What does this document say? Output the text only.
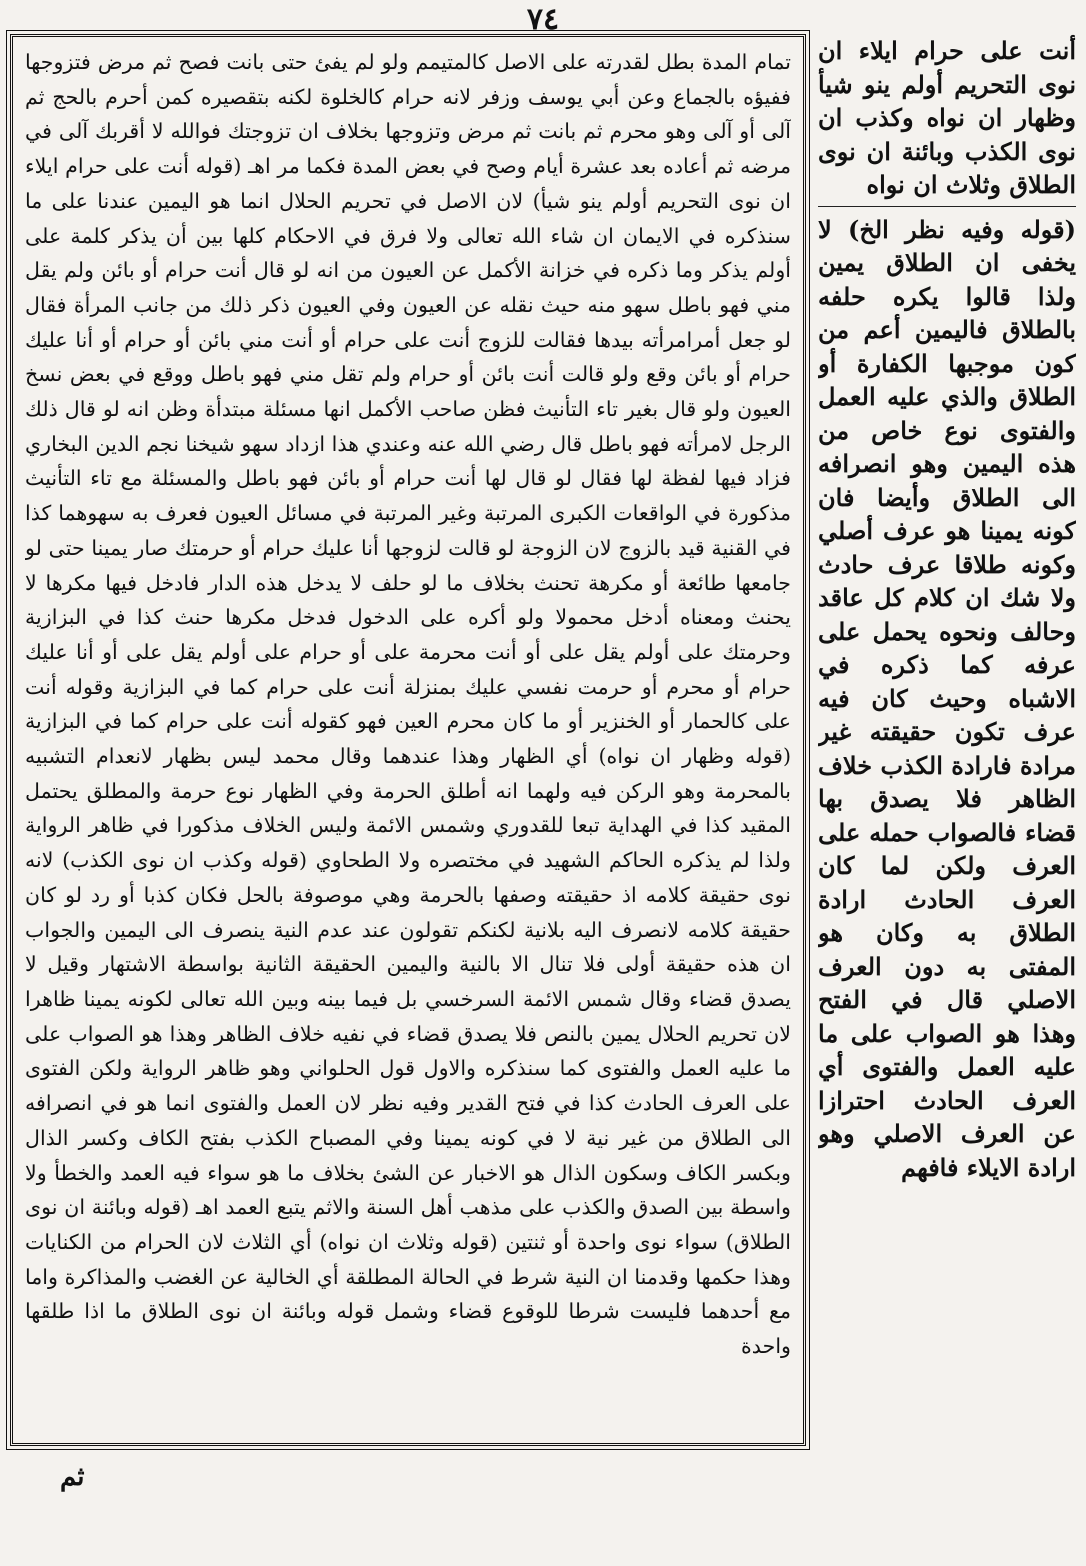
٧٤

تمام المدة بطل لقدرته على الاصل كالمتيمم ولو لم يفئ حتى بانت فصح ثم مرض فتزوجها ففيؤه بالجماع وعن أبي يوسف وزفر لانه حرام كالخلوة لكنه بتقصيره كمن أحرم بالحج ثم آلى أو آلى وهو محرم ثم بانت ثم مرض وتزوجها بخلاف ان تزوجتك فوالله لا أقربك آلى في مرضه ثم أعاده بعد عشرة أيام وصح في بعض المدة فكما مر اهـ (قوله أنت على حرام ايلاء ان نوى التحريم أولم ينو شيأ) لان الاصل في تحريم الحلال انما هو اليمين عندنا على ما سنذكره في الايمان ان شاء الله تعالى ولا فرق في الاحكام كلها بين أن يذكر كلمة على أولم يذكر وما ذكره في خزانة الأكمل عن العيون من انه لو قال أنت حرام أو بائن ولم يقل مني فهو باطل سهو منه حيث نقله عن العيون وفي العيون ذكر ذلك من جانب المرأة فقال لو جعل أمرامرأته بيدها فقالت للزوج أنت على حرام أو أنت مني بائن أو حرام أو أنا عليك حرام أو بائن وقع ولو قالت أنت بائن أو حرام ولم تقل مني فهو باطل ووقع في بعض نسخ العيون ولو قال بغير تاء التأنيث فظن صاحب الأكمل انها مسئلة مبتدأة وظن انه لو قال ذلك الرجل لامرأته فهو باطل قال رضي الله عنه وعندي هذا ازداد سهو شيخنا نجم الدين البخاري فزاد فيها لفظة لها فقال لو قال لها أنت حرام أو بائن فهو باطل والمسئلة مع تاء التأنيث مذكورة في الواقعات الكبرى المرتبة وغير المرتبة في مسائل العيون فعرف به سهوهما كذا في القنية قيد بالزوج لان الزوجة لو قالت لزوجها أنا عليك حرام أو حرمتك صار يمينا حتى لو جامعها طائعة أو مكرهة تحنث بخلاف ما لو حلف لا يدخل هذه الدار فادخل فيها مكرها لا يحنث ومعناه أدخل محمولا ولو أكره على الدخول فدخل مكرها حنث كذا في البزازية وحرمتك على أولم يقل على أو أنت محرمة على أو حرام على أولم يقل على أو أنا عليك حرام أو محرم أو حرمت نفسي عليك بمنزلة أنت على حرام كما في البزازية وقوله أنت على كالحمار أو الخنزير أو ما كان محرم العين فهو كقوله أنت على حرام كما في البزازية (قوله وظهار ان نواه) أي الظهار وهذا عندهما وقال محمد ليس بظهار لانعدام التشبيه بالمحرمة وهو الركن فيه ولهما انه أطلق الحرمة وفي الظهار نوع حرمة والمطلق يحتمل المقيد كذا في الهداية تبعا للقدوري وشمس الائمة وليس الخلاف مذكورا في ظاهر الرواية ولذا لم يذكره الحاكم الشهيد في مختصره ولا الطحاوي (قوله وكذب ان نوى الكذب) لانه نوى حقيقة كلامه اذ حقيقته وصفها بالحرمة وهي موصوفة بالحل فكان كذبا أو رد لو كان حقيقة كلامه لانصرف اليه بلانية لكنكم تقولون عند عدم النية ينصرف الى اليمين والجواب ان هذه حقيقة أولى فلا تنال الا بالنية واليمين الحقيقة الثانية بواسطة الاشتهار وقيل لا يصدق قضاء وقال شمس الائمة السرخسي بل فيما بينه وبين الله تعالى لكونه يمينا ظاهرا لان تحريم الحلال يمين بالنص فلا يصدق قضاء في نفيه خلاف الظاهر وهذا هو الصواب على ما عليه العمل والفتوى كما سنذكره والاول قول الحلواني وهو ظاهر الرواية ولكن الفتوى على العرف الحادث كذا في فتح القدير وفيه نظر لان العمل والفتوى انما هو في انصرافه الى الطلاق من غير نية لا في كونه يمينا وفي المصباح الكذب بفتح الكاف وكسر الذال وبكسر الكاف وسكون الذال هو الاخبار عن الشئ بخلاف ما هو سواء فيه العمد والخطأ ولا واسطة بين الصدق والكذب على مذهب أهل السنة والاثم يتبع العمد اهـ (قوله وبائنة ان نوى الطلاق) سواء نوى واحدة أو ثنتين (قوله وثلاث ان نواه) أي الثلاث لان الحرام من الكنايات وهذا حكمها وقدمنا ان النية شرط في الحالة المطلقة أي الخالية عن الغضب والمذاكرة واما مع أحدهما فليست شرطا للوقوع قضاء وشمل قوله وبائنة ان نوى الطلاق ما اذا طلقها واحدة

أنت على حرام ايلاء ان نوى التحريم أولم ينو شيأ وظهار ان نواه وكذب ان نوى الكذب وبائنة ان نوى الطلاق وثلاث ان نواه

(قوله وفيه نظر الخ) لا يخفى ان الطلاق يمين ولذا قالوا يكره حلفه بالطلاق فاليمين أعم من كون موجبها الكفارة أو الطلاق والذي عليه العمل والفتوى نوع خاص من هذه اليمين وهو انصرافه الى الطلاق وأيضا فان كونه يمينا هو عرف أصلي وكونه طلاقا عرف حادث ولا شك ان كلام كل عاقد وحالف ونحوه يحمل على عرفه كما ذكره في الاشباه وحيث كان فيه عرف تكون حقيقته غير مرادة فارادة الكذب خلاف الظاهر فلا يصدق بها قضاء فالصواب حمله على العرف ولكن لما كان العرف الحادث ارادة الطلاق به وكان هو المفتى به دون العرف الاصلي قال في الفتح وهذا هو الصواب على ما عليه العمل والفتوى أي العرف الحادث احترازا عن العرف الاصلي وهو ارادة الايلاء فافهم

ثم
